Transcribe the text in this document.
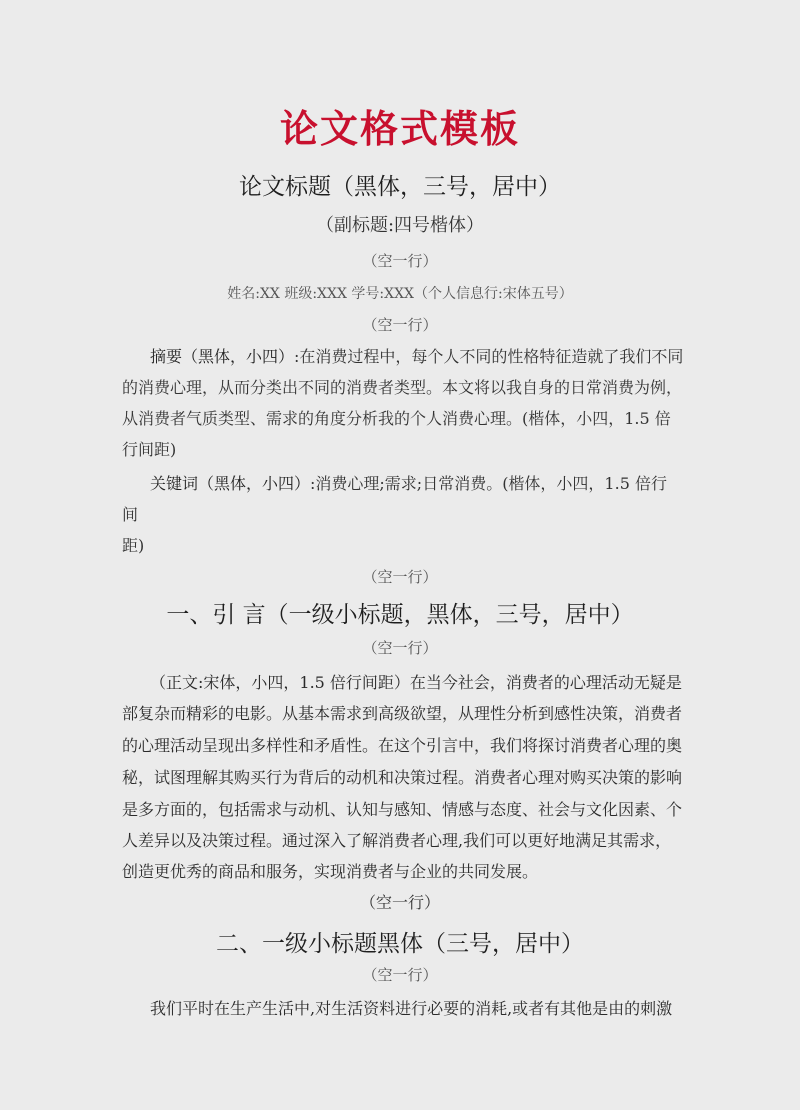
论文格式模板
论文标题（黑体，三号，居中）
（副标题:四号楷体）
（空一行）
姓名:XX 班级:XXX 学号:XXX（个人信息行:宋体五号）
（空一行）
摘要（黑体，小四）:在消费过程中，每个人不同的性格特征造就了我们不同
的消费心理，从而分类出不同的消费者类型。本文将以我自身的日常消费为例，
从消费者气质类型、需求的角度分析我的个人消费心理。(楷体，小四，1.5 倍
行间距)
关键词（黑体，小四）:消费心理;需求;日常消费。(楷体，小四，1.5 倍行
间
距)
（空一行）
一、引 言（一级小标题，黑体，三号，居中）
（空一行）
（正文:宋体，小四，1.5 倍行间距）在当今社会，消费者的心理活动无疑是
部复杂而精彩的电影。从基本需求到高级欲望，从理性分析到感性决策，消费者
的心理活动呈现出多样性和矛盾性。在这个引言中，我们将探讨消费者心理的奥
秘，试图理解其购买行为背后的动机和决策过程。消费者心理对购买决策的影响
是多方面的，包括需求与动机、认知与感知、情感与态度、社会与文化因素、个
人差异以及决策过程。通过深入了解消费者心理,我们可以更好地满足其需求，
创造更优秀的商品和服务，实现消费者与企业的共同发展。
（空一行）
二、一级小标题黑体（三号，居中）
（空一行）
我们平时在生产生活中,对生活资料进行必要的消耗,或者有其他是由的刺激
